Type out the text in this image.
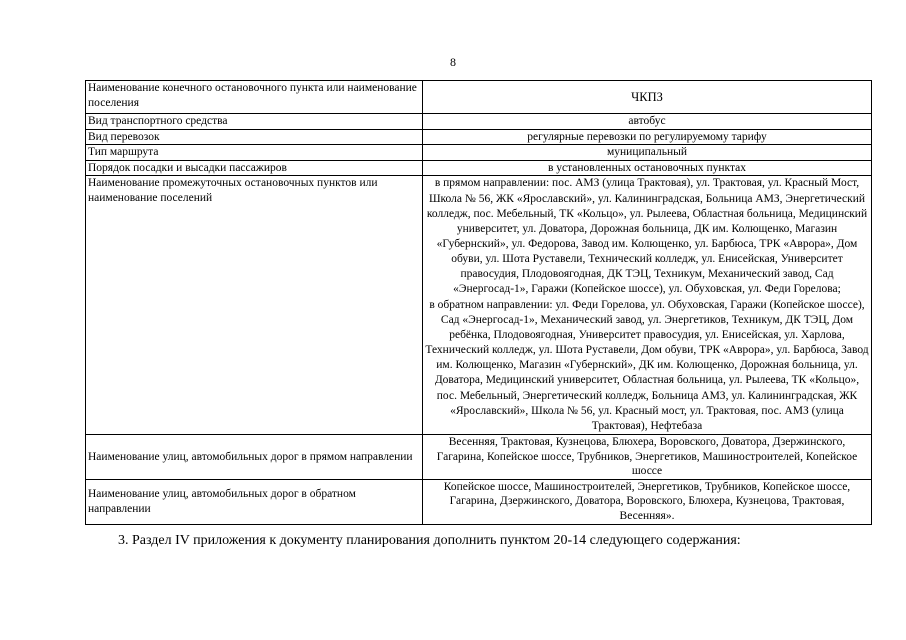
8
Наименование конечного остановочного пункта или наименование поселения	ЧКПЗ
Вид транспортного средства	автобус
Вид перевозок	регулярные перевозки по регулируемому тарифу
Тип маршрута	муниципальный
Порядок посадки и высадки пассажиров	в установленных остановочных пунктах
Наименование промежуточных остановочных пунктов или наименование поселений	в прямом направлении: пос. АМЗ (улица Трактовая), ул. Трактовая, ул. Красный Мост, Школа № 56, ЖК «Ярославский», ул. Калининградская, Больница АМЗ, Энергетический колледж, пос. Мебельный, ТК «Кольцо», ул. Рылеева, Областная больница, Медицинский университет, ул. Доватора, Дорожная больница, ДК им. Колющенко, Магазин «Губернский», ул. Федорова, Завод им. Колющенко, ул. Барбюса, ТРК «Аврора», Дом обуви, ул. Шота Руставели, Технический колледж, ул. Енисейская, Университет правосудия, Плодовоягодная, ДК ТЭЦ, Техникум, Механический завод, Сад «Энергосад-1», Гаражи (Копейское шоссе), ул. Обуховская, ул. Феди Горелова;
в обратном направлении: ул. Феди Горелова, ул. Обуховская, Гаражи (Копейское шоссе), Сад «Энергосад-1», Механический завод, ул. Энергетиков, Техникум, ДК ТЭЦ, Дом ребёнка, Плодовоягодная, Университет правосудия, ул. Енисейская, ул. Харлова, Технический колледж, ул. Шота Руставели, Дом обуви, ТРК «Аврора», ул. Барбюса, Завод им. Колющенко, Магазин «Губернский», ДК им. Колющенко, Дорожная больница, ул. Доватора, Медицинский университет, Областная больница, ул. Рылеева, ТК «Кольцо», пос. Мебельный, Энергетический колледж, Больница АМЗ, ул. Калининградская, ЖК «Ярославский», Школа № 56, ул. Красный мост, ул. Трактовая, пос. АМЗ (улица Трактовая), Нефтебаза

Наименование улиц, автомобильных дорог в прямом направлении	Весенняя, Трактовая, Кузнецова, Блюхера, Воровского, Доватора, Дзержинского, Гагарина, Копейское шоссе, Трубников, Энергетиков, Машиностроителей, Копейское шоссе
Наименование улиц, автомобильных дорог в обратном направлении	Копейское шоссе, Машиностроителей, Энергетиков, Трубников, Копейское шоссе, Гагарина, Дзержинского, Доватора, Воровского, Блюхера, Кузнецова, Трактовая, Весенняя».
3. Раздел IV приложения к документу планирования дополнить пунктом 20-14 следующего содержания:
